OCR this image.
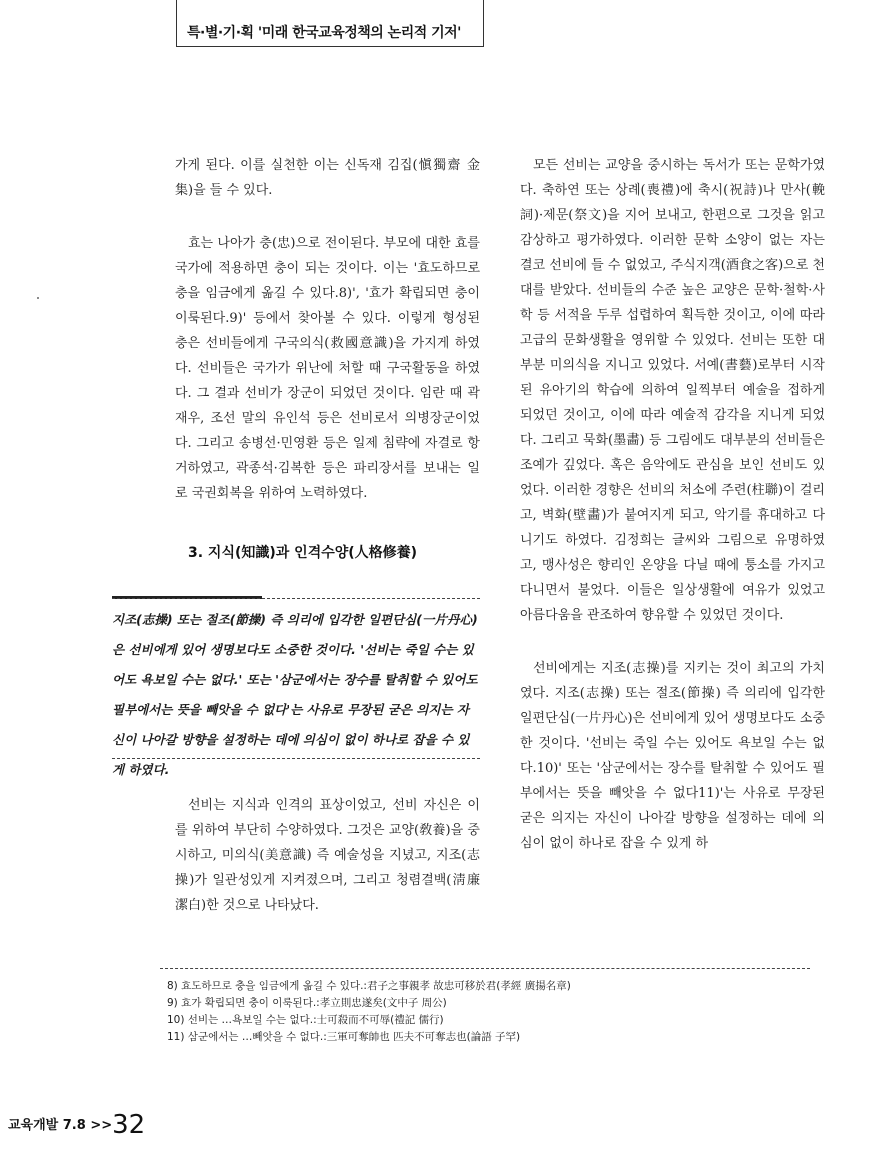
특·별·기·획 '미래 한국교육정책의 논리적 기저'

가게 된다. 이를 실천한 이는 신독재 김집(愼獨齋 金集)을 들 수 있다.

효는 나아가 충(忠)으로 전이된다. 부모에 대한 효를 국가에 적용하면 충이 되는 것이다. 이는 '효도하므로 충을 임금에게 옮길 수 있다.8)', '효가 확립되면 충이 이룩된다.9)' 등에서 찾아볼 수 있다. 이렇게 형성된 충은 선비들에게 구국의식(救國意識)을 가지게 하였다. 선비들은 국가가 위난에 처할 때 구국활동을 하였다. 그 결과 선비가 장군이 되었던 것이다. 임란 때 곽재우, 조선 말의 유인석 등은 선비로서 의병장군이었다. 그리고 송병선·민영환 등은 일제 침략에 자결로 항거하였고, 곽종석·김복한 등은 파리장서를 보내는 일로 국권회복을 위하여 노력하였다.

3. 지식(知識)과 인격수양(人格修養)
지조(志操) 또는 절조(節操) 즉 의리에 입각한 일편단심(一片丹心)은 선비에게 있어 생명보다도 소중한 것이다. '선비는 죽일 수는 있어도 욕보일 수는 없다.' 또는 '삼군에서는 장수를 탈취할 수 있어도 필부에서는 뜻을 빼앗을 수 없다'는 사유로 무장된 굳은 의지는 자신이 나아갈 방향을 설정하는 데에 의심이 없이 하나로 잡을 수 있게 하였다.

선비는 지식과 인격의 표상이었고, 선비 자신은 이를 위하여 부단히 수양하였다. 그것은 교양(敎養)을 중시하고, 미의식(美意識) 즉 예술성을 지녔고, 지조(志操)가 일관성있게 지켜졌으며, 그리고 청렴결백(淸廉潔白)한 것으로 나타났다.

모든 선비는 교양을 중시하는 독서가 또는 문학가였다. 축하연 또는 상례(喪禮)에 축시(祝詩)나 만사(輓詞)·제문(祭文)을 지어 보내고, 한편으로 그것을 읽고 감상하고 평가하였다. 이러한 문학 소양이 없는 자는 결코 선비에 들 수 없었고, 주식지객(酒食之客)으로 천대를 받았다. 선비들의 수준 높은 교양은 문학·철학·사학 등 서적을 두루 섭렵하여 획득한 것이고, 이에 따라 고급의 문화생활을 영위할 수 있었다. 선비는 또한 대부분 미의식을 지니고 있었다. 서예(書藝)로부터 시작된 유아기의 학습에 의하여 일찍부터 예술을 접하게 되었던 것이고, 이에 따라 예술적 감각을 지니게 되었다. 그리고 묵화(墨畵) 등 그림에도 대부분의 선비들은 조예가 깊었다. 혹은 음악에도 관심을 보인 선비도 있었다. 이러한 경향은 선비의 처소에 주련(柱聯)이 걸리고, 벽화(壁畵)가 붙여지게 되고, 악기를 휴대하고 다니기도 하였다. 김정희는 글씨와 그림으로 유명하였고, 맹사성은 향리인 온양을 다닐 때에 퉁소를 가지고 다니면서 불었다. 이들은 일상생활에 여유가 있었고 아름다움을 관조하여 향유할 수 있었던 것이다.

선비에게는 지조(志操)를 지키는 것이 최고의 가치였다. 지조(志操) 또는 절조(節操) 즉 의리에 입각한 일편단심(一片丹心)은 선비에게 있어 생명보다도 소중한 것이다. '선비는 죽일 수는 있어도 욕보일 수는 없다.10)' 또는 '삼군에서는 장수를 탈취할 수 있어도 필부에서는 뜻을 빼앗을 수 없다11)'는 사유로 무장된 굳은 의지는 자신이 나아갈 방향을 설정하는 데에 의심이 없이 하나로 잡을 수 있게 하

8) 효도하므로 충을 임금에게 옮길 수 있다.:君子之事親孝 故忠可移於君(孝經 廣揚名章)
9) 효가 확립되면 충이 이룩된다.:孝立則忠遂矣(文中子 周公)
10) 선비는 …욕보일 수는 없다.:士可殺而不可辱(禮記 儒行)
11) 삼군에서는 …빼앗을 수 없다.:三軍可奪帥也 匹夫不可奪志也(論語 子罕)
교육개발 7.8 >>32
